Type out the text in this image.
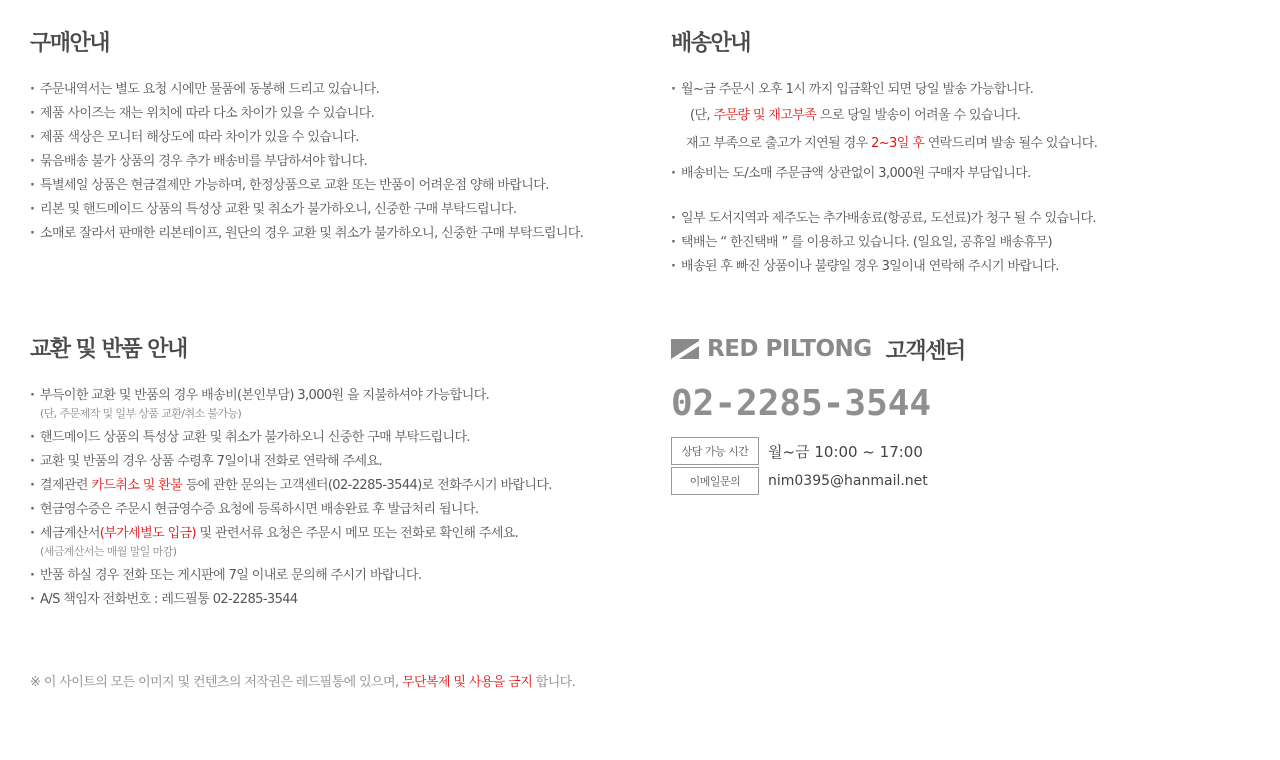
구매안내
· 주문내역서는 별도 요청 시에만 물품에 동봉해 드리고 있습니다.
· 제품 사이즈는 재는 위치에 따라 다소 차이가 있을 수 있습니다.
· 제품 색상은 모니터 해상도에 따라 차이가 있을 수 있습니다.
· 묶음배송 불가 상품의 경우 추가 배송비를 부담하셔야 합니다.
· 특별세일 상품은 현금결제만 가능하며, 한정상품으로 교환 또는 반품이 어려운점 양해 바랍니다.
· 리본 및 핸드메이드 상품의 특성상 교환 및 취소가 불가하오니, 신중한 구매 부탁드립니다.
· 소매로 잘라서 판매한 리본테이프, 원단의 경우 교환 및 취소가 불가하오니, 신중한 구매 부탁드립니다.
교환 및 반품 안내
· 부득이한 교환 및 반품의 경우 배송비(본인부담) 3,000원 을 지불하셔야 가능합니다.
(단, 주문제작 및 일부 상품 교환/취소 불가능)
· 핸드메이드 상품의 특성상 교환 및 취소가 불가하오니 신중한 구매 부탁드립니다.
· 교환 및 반품의 경우 상품 수령후 7일이내 전화로 연락해 주세요.
· 결제관련 카드취소 및 환불 등에 관한 문의는 고객센터(02-2285-3544)로 전화주시기 바랍니다.
· 현금영수증은 주문시 현금영수증 요청에 등록하시면 배송완료 후 발급처리 됩니다.
· 세금계산서(부가세별도 입금) 및 관련서류 요청은 주문시 메모 또는 전화로 확인해 주세요.
(세금계산서는 매월 말일 마감)
· 반품 하실 경우 전화 또는 게시판에 7일 이내로 문의해 주시기 바랍니다.
· A/S 책임자 전화번호 : 레드필통 02-2285-3544
배송안내
· 월~금 주문시 오후 1시 까지 입금확인 되면 당일 발송 가능합니다.
(단, 주문량 및 재고부족 으로 당일 발송이 어려울 수 있습니다.
재고 부족으로 출고가 지연될 경우 2~3일 후 연락드리며 발송 될수 있습니다.
· 배송비는 도/소매 주문금액 상관없이 3,000원 구매자 부담입니다.
· 일부 도서지역과 제주도는 추가배송료(항공료, 도선료)가 청구 될 수 있습니다.
· 택배는 “ 한진택배 ” 를 이용하고 있습니다. (일요일, 공휴일 배송휴무)
· 배송된 후 빠진 상품이나 불량일 경우 3일이내 연락해 주시기 바랍니다.
RED PILTONG 고객센터
02-2285-3544
상담 가능 시간	월~금 10:00 ~ 17:00
이메일문의	nim0395@hanmail.net
※ 이 사이트의 모든 이미지 및 컨텐츠의 저작권은 레드필통에 있으며, 무단복제 및 사용을 금지 합니다.
